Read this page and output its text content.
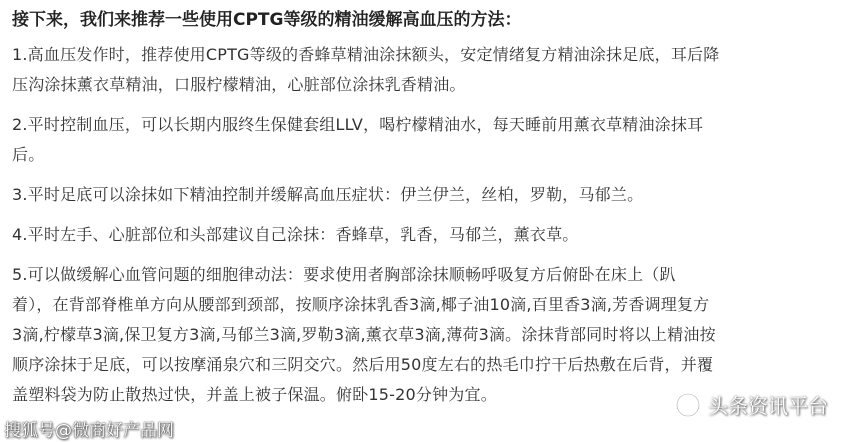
接下来，我们来推荐一些使用CPTG等级的精油缓解高血压的方法：
1.高血压发作时，推荐使用CPTG等级的香蜂草精油涂抹额头，安定情绪复方精油涂抹足底，耳后降
压沟涂抹薰衣草精油，口服柠檬精油，心脏部位涂抹乳香精油。
2.平时控制血压，可以长期内服终生保健套组LLV，喝柠檬精油水，每天睡前用薰衣草精油涂抹耳
后。
3.平时足底可以涂抹如下精油控制并缓解高血压症状：伊兰伊兰，丝柏，罗勒，马郁兰。
4.平时左手、心脏部位和头部建议自己涂抹：香蜂草，乳香，马郁兰，薰衣草。
5.可以做缓解心血管问题的细胞律动法：要求使用者胸部涂抹顺畅呼吸复方后俯卧在床上（趴
着），在背部脊椎单方向从腰部到颈部，按顺序涂抹乳香3滴,椰子油10滴,百里香3滴,芳香调理复方
3滴,柠檬草3滴,保卫复方3滴,马郁兰3滴,罗勒3滴,薰衣草3滴,薄荷3滴。涂抹背部同时将以上精油按
顺序涂抹于足底，可以按摩涌泉穴和三阴交穴。然后用50度左右的热毛巾拧干后热敷在后背，并覆
盖塑料袋为防止散热过快，并盖上被子保温。俯卧15-20分钟为宜。
搜狐号@微商好产品网
头条资讯平台
